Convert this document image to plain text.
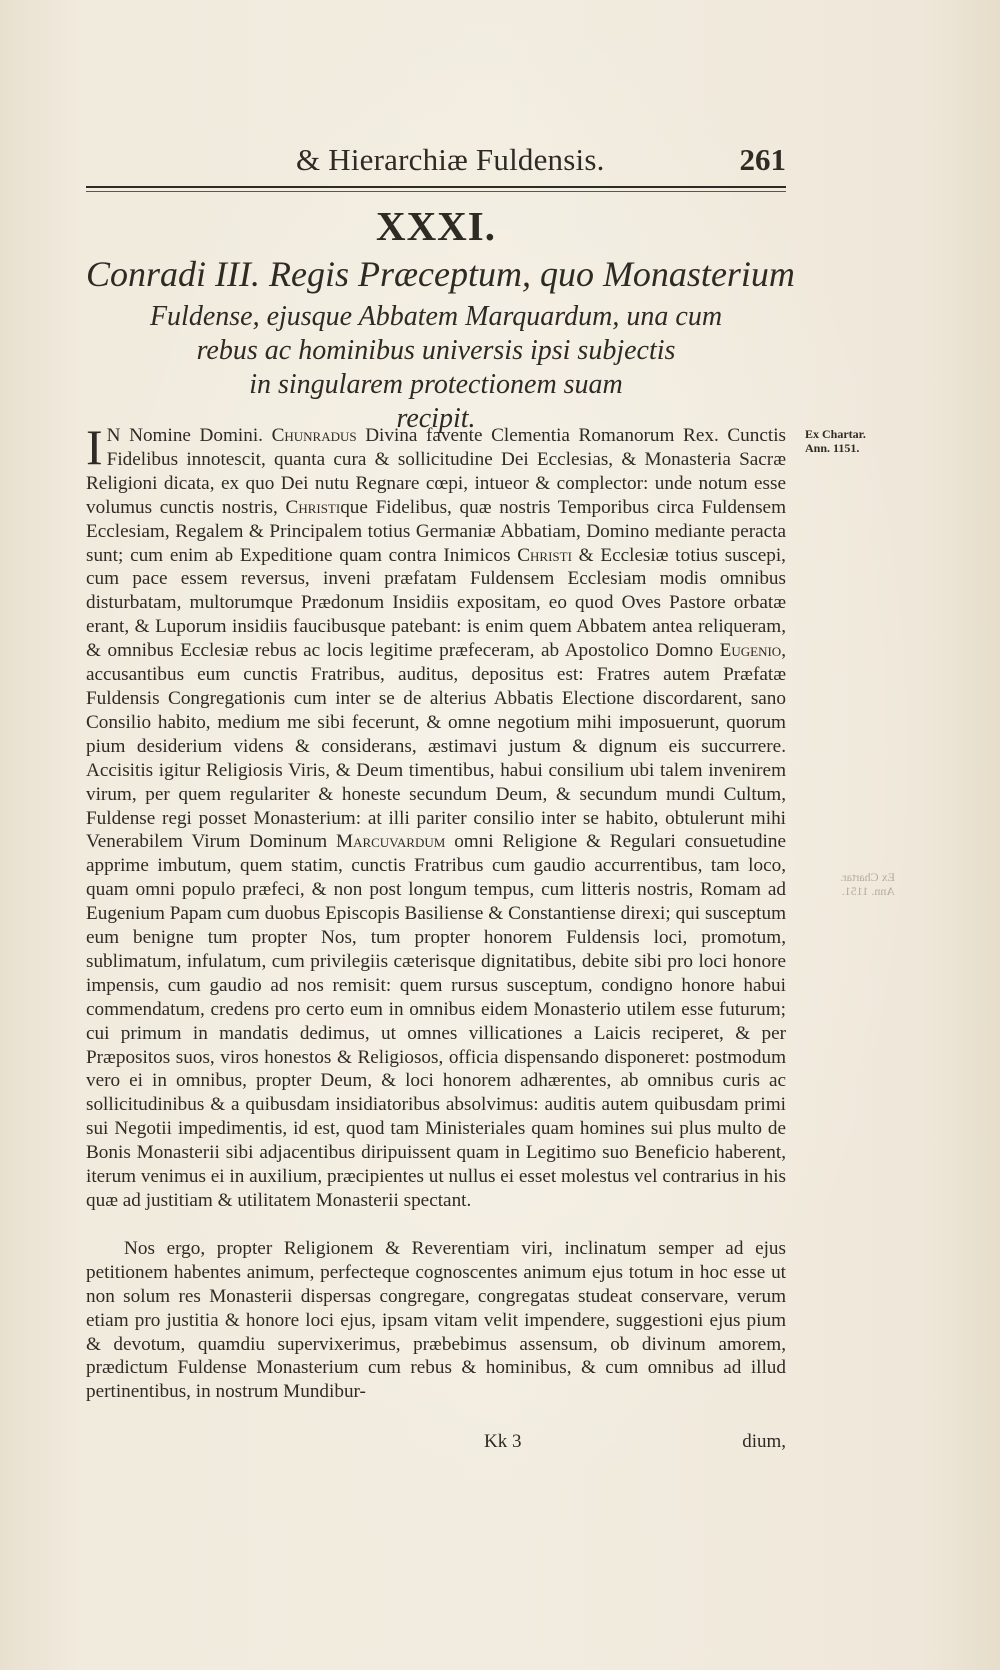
& Hierarchiæ Fuldensis.	261
XXXI.
Conradi III. Regis Præceptum, quo Monasterium
Fuldense, ejusque Abbatem Marquardum, una cum
rebus ac hominibus universis ipsi subjectis
in singularem protectionem suam
recipit.	Ex Chartar.
Ann. 1151.
Ex Chartar.
Ann. 1151.

I N Nomine Domini. Chunradus Divina favente Clementia Romanorum Rex. Cunctis Fidelibus innotescit, quanta cura & sollicitudine Dei Ecclesias, & Monasteria Sacræ Religioni dicata, ex quo Dei nutu Regnare cœpi, intueor & complector: unde notum esse volumus cunctis nostris, Christique Fidelibus, quæ nostris Temporibus circa Fuldensem Ecclesiam, Regalem & Principalem totius Germaniæ Abbatiam, Domino mediante peracta sunt; cum enim ab Expeditione quam contra Inimicos Christi & Ecclesiæ totius suscepi, cum pace essem reversus, inveni præfatam Fuldensem Ecclesiam modis omnibus disturbatam, multorumque Prædonum Insidiis expositam, eo quod Oves Pastore orbatæ erant, & Luporum insidiis faucibusque patebant: is enim quem Abbatem antea reliqueram, & omnibus Ecclesiæ rebus ac locis legitime præfeceram, ab Apostolico Domno Eugenio, accusantibus eum cunctis Fratribus, auditus, depositus est: Fratres autem Præfatæ Fuldensis Congregationis cum inter se de alterius Abbatis Electione discordarent, sano Consilio habito, medium me sibi fecerunt, & omne negotium mihi imposuerunt, quorum pium desiderium videns & considerans, æstimavi justum & dignum eis succurrere. Accisitis igitur Religiosis Viris, & Deum timentibus, habui consilium ubi talem invenirem virum, per quem regulariter & honeste secundum Deum, & secundum mundi Cultum, Fuldense regi posset Monasterium: at illi pariter consilio inter se habito, obtulerunt mihi Venerabilem Virum Dominum Marcuvardum omni Religione & Regulari consuetudine apprime imbutum, quem statim, cunctis Fratribus cum gaudio accurrentibus, tam loco, quam omni populo præfeci, & non post longum tempus, cum litteris nostris, Romam ad Eugenium Papam cum duobus Episcopis Basiliense & Constantiense direxi; qui susceptum eum benigne tum propter Nos, tum propter honorem Fuldensis loci, promotum, sublimatum, infulatum, cum privilegiis cæterisque dignitatibus, debite sibi pro loci honore impensis, cum gaudio ad nos remisit: quem rursus susceptum, condigno honore habui commendatum, credens pro certo eum in omnibus eidem Monasterio utilem esse futurum; cui primum in mandatis dedimus, ut omnes villicationes a Laicis reciperet, & per Præpositos suos, viros honestos & Religiosos, officia dispensando disponeret: postmodum vero ei in omnibus, propter Deum, & loci honorem adhærentes, ab omnibus curis ac sollicitudinibus & a quibusdam insidiatoribus absolvimus: auditis autem quibusdam primi sui Negotii impedimentis, id est, quod tam Ministeriales quam homines sui plus multo de Bonis Monasterii sibi adjacentibus diripuissent quam in Legitimo suo Beneficio haberent, iterum venimus ei in auxilium, præcipientes ut nullus ei esset molestus vel contrarius in his quæ ad justitiam & utilitatem Monasterii spectant.

Nos ergo, propter Religionem & Reverentiam viri, inclinatum semper ad ejus petitionem habentes animum, perfecteque cognoscentes animum ejus totum in hoc esse ut non solum res Monasterii dispersas congregare, congregatas studeat conservare, verum etiam pro justitia & honore loci ejus, ipsam vitam velit impendere, suggestioni ejus pium & devotum, quamdiu supervixerimus, præbebimus assensum, ob divinum amorem, prædictum Fuldense Monasterium cum rebus & hominibus, & cum omnibus ad illud pertinentibus, in nostrum Mundibur-

Kk 3	dium,
